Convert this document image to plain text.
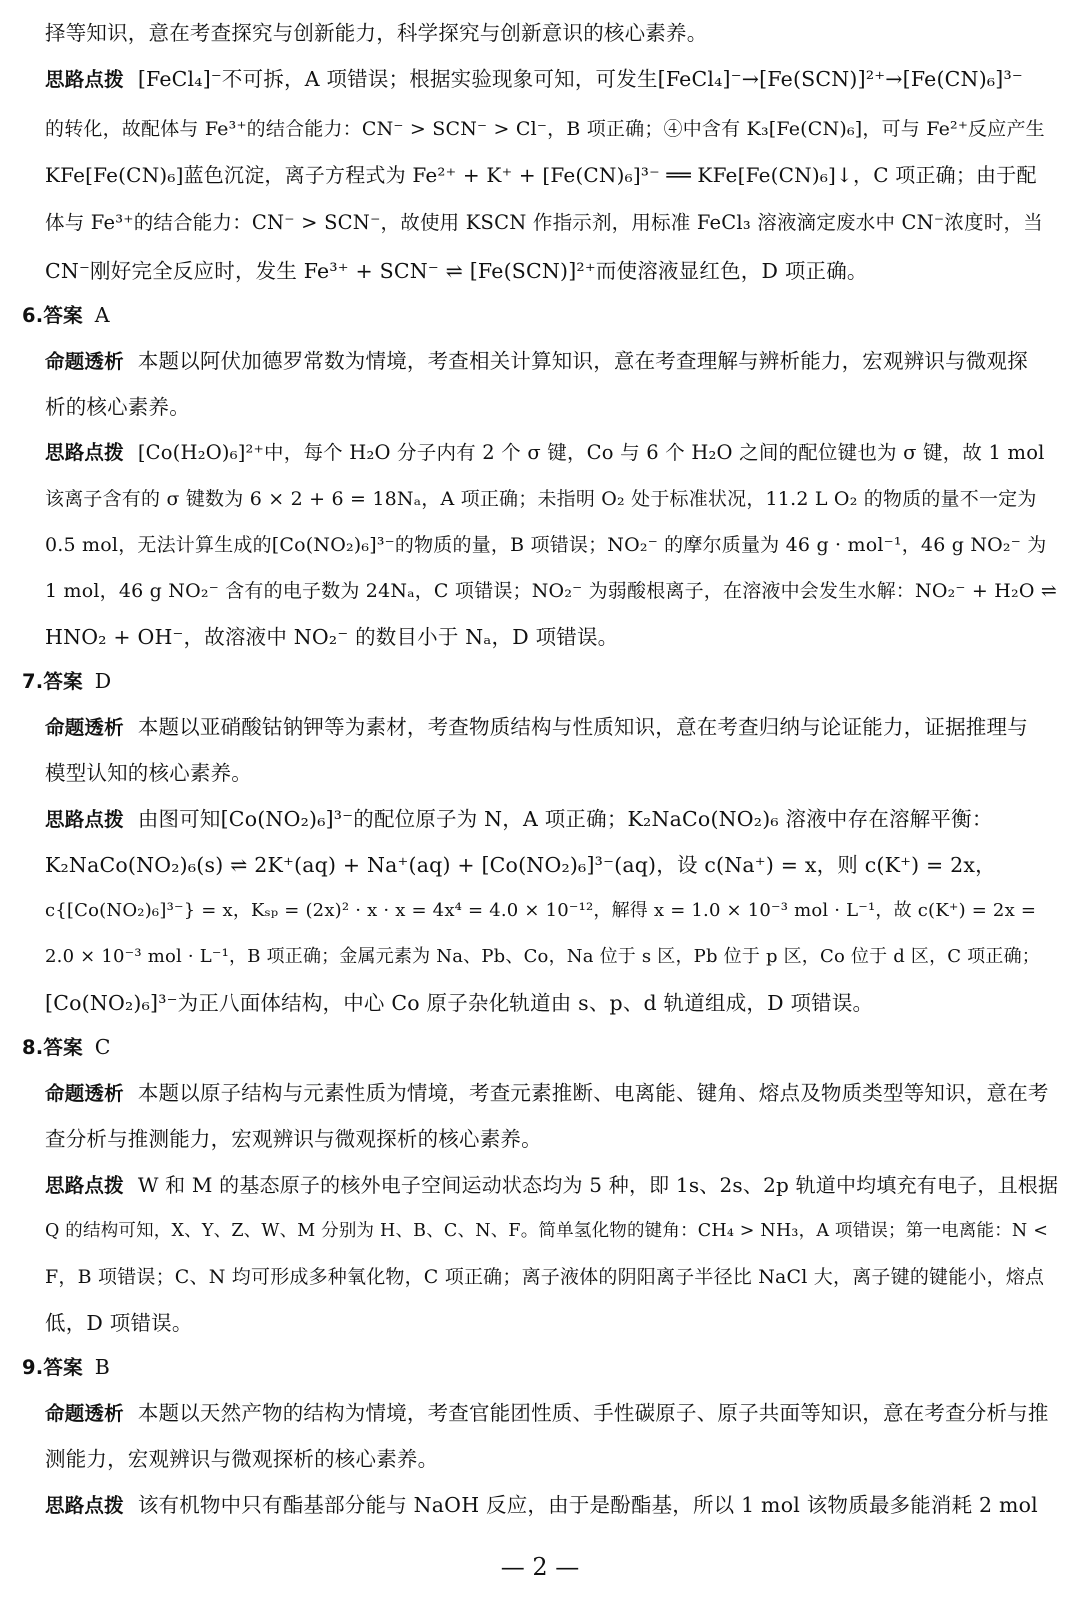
择等知识，意在考查探究与创新能力，科学探究与创新意识的核心素养。
思路点拨 [FeCl₄]⁻不可拆，A 项错误；根据实验现象可知，可发生[FeCl₄]⁻→[Fe(SCN)]²⁺→[Fe(CN)₆]³⁻
的转化，故配体与 Fe³⁺的结合能力：CN⁻ > SCN⁻ > Cl⁻，B 项正确；④中含有 K₃[Fe(CN)₆]，可与 Fe²⁺反应产生
KFe[Fe(CN)₆]蓝色沉淀，离子方程式为 Fe²⁺ + K⁺ + [Fe(CN)₆]³⁻ ══ KFe[Fe(CN)₆]↓，C 项正确；由于配
体与 Fe³⁺的结合能力：CN⁻ > SCN⁻，故使用 KSCN 作指示剂，用标准 FeCl₃ 溶液滴定废水中 CN⁻浓度时，当
CN⁻刚好完全反应时，发生 Fe³⁺ + SCN⁻ ⇌ [Fe(SCN)]²⁺而使溶液显红色，D 项正确。
6.答案 A
命题透析 本题以阿伏加德罗常数为情境，考查相关计算知识，意在考查理解与辨析能力，宏观辨识与微观探
析的核心素养。
思路点拨 [Co(H₂O)₆]²⁺中，每个 H₂O 分子内有 2 个 σ 键，Co 与 6 个 H₂O 之间的配位键也为 σ 键，故 1 mol
该离子含有的 σ 键数为 6 × 2 + 6 = 18Nₐ，A 项正确；未指明 O₂ 处于标准状况，11.2 L O₂ 的物质的量不一定为
0.5 mol，无法计算生成的[Co(NO₂)₆]³⁻的物质的量，B 项错误；NO₂⁻ 的摩尔质量为 46 g · mol⁻¹，46 g NO₂⁻ 为
1 mol，46 g NO₂⁻ 含有的电子数为 24Nₐ，C 项错误；NO₂⁻ 为弱酸根离子，在溶液中会发生水解：NO₂⁻ + H₂O ⇌
HNO₂ + OH⁻，故溶液中 NO₂⁻ 的数目小于 Nₐ，D 项错误。
7.答案 D
命题透析 本题以亚硝酸钴钠钾等为素材，考查物质结构与性质知识，意在考查归纳与论证能力，证据推理与
模型认知的核心素养。
思路点拨 由图可知[Co(NO₂)₆]³⁻的配位原子为 N，A 项正确；K₂NaCo(NO₂)₆ 溶液中存在溶解平衡：
K₂NaCo(NO₂)₆(s) ⇌ 2K⁺(aq) + Na⁺(aq) + [Co(NO₂)₆]³⁻(aq)，设 c(Na⁺) = x，则 c(K⁺) = 2x，
c{[Co(NO₂)₆]³⁻} = x，Kₛₚ = (2x)² · x · x = 4x⁴ = 4.0 × 10⁻¹²，解得 x = 1.0 × 10⁻³ mol · L⁻¹，故 c(K⁺) = 2x =
2.0 × 10⁻³ mol · L⁻¹，B 项正确；金属元素为 Na、Pb、Co，Na 位于 s 区，Pb 位于 p 区，Co 位于 d 区，C 项正确；
[Co(NO₂)₆]³⁻为正八面体结构，中心 Co 原子杂化轨道由 s、p、d 轨道组成，D 项错误。
8.答案 C
命题透析 本题以原子结构与元素性质为情境，考查元素推断、电离能、键角、熔点及物质类型等知识，意在考
查分析与推测能力，宏观辨识与微观探析的核心素养。
思路点拨 W 和 M 的基态原子的核外电子空间运动状态均为 5 种，即 1s、2s、2p 轨道中均填充有电子，且根据
Q 的结构可知，X、Y、Z、W、M 分别为 H、B、C、N、F。简单氢化物的键角：CH₄ > NH₃，A 项错误；第一电离能：N <
F，B 项错误；C、N 均可形成多种氧化物，C 项正确；离子液体的阴阳离子半径比 NaCl 大，离子键的键能小，熔点
低，D 项错误。
9.答案 B
命题透析 本题以天然产物的结构为情境，考查官能团性质、手性碳原子、原子共面等知识，意在考查分析与推
测能力，宏观辨识与微观探析的核心素养。
思路点拨 该有机物中只有酯基部分能与 NaOH 反应，由于是酚酯基，所以 1 mol 该物质最多能消耗 2 mol
— 2 —
